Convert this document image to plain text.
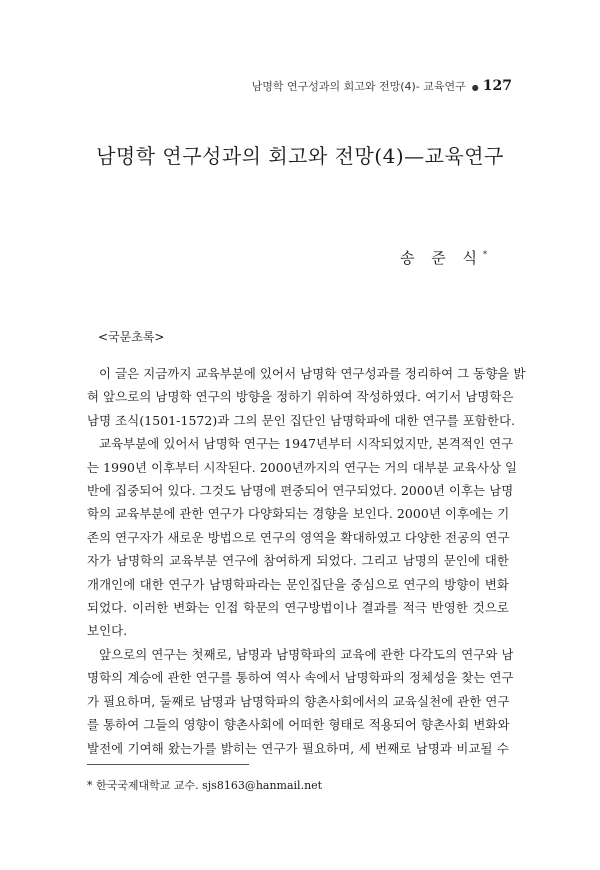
남명학 연구성과의 회고와 전망(4)- 교육연구 ● 127
남명학 연구성과의 회고와 전망(4)—교육연구
송 준 식*
<국문초록>
이 글은 지금까지 교육부분에 있어서 남명학 연구성과를 정리하여 그 동향을 밝
혀 앞으로의 남명학 연구의 방향을 정하기 위하여 작성하였다. 여기서 남명학은
남명 조식(1501-1572)과 그의 문인 집단인 남명학파에 대한 연구를 포함한다.
교육부분에 있어서 남명학 연구는 1947년부터 시작되었지만, 본격적인 연구
는 1990년 이후부터 시작된다. 2000년까지의 연구는 거의 대부분 교육사상 일
반에 집중되어 있다. 그것도 남명에 편중되어 연구되었다. 2000년 이후는 남명
학의 교육부분에 관한 연구가 다양화되는 경향을 보인다. 2000년 이후에는 기
존의 연구자가 새로운 방법으로 연구의 영역을 확대하였고 다양한 전공의 연구
자가 남명학의 교육부분 연구에 참여하게 되었다. 그리고 남명의 문인에 대한
개개인에 대한 연구가 남명학파라는 문인집단을 중심으로 연구의 방향이 변화
되었다. 이러한 변화는 인접 학문의 연구방법이나 결과를 적극 반영한 것으로
보인다.
앞으로의 연구는 첫째로, 남명과 남명학파의 교육에 관한 다각도의 연구와 남
명학의 계승에 관한 연구를 통하여 역사 속에서 남명학파의 정체성을 찾는 연구
가 필요하며, 둘째로 남명과 남명학파의 향촌사회에서의 교육실천에 관한 연구
를 통하여 그들의 영향이 향촌사회에 어떠한 형태로 적용되어 향촌사회 변화와
발전에 기여해 왔는가를 밝히는 연구가 필요하며, 세 번째로 남명과 비교될 수
* 한국국제대학교 교수. sjs8163@hanmail.net
